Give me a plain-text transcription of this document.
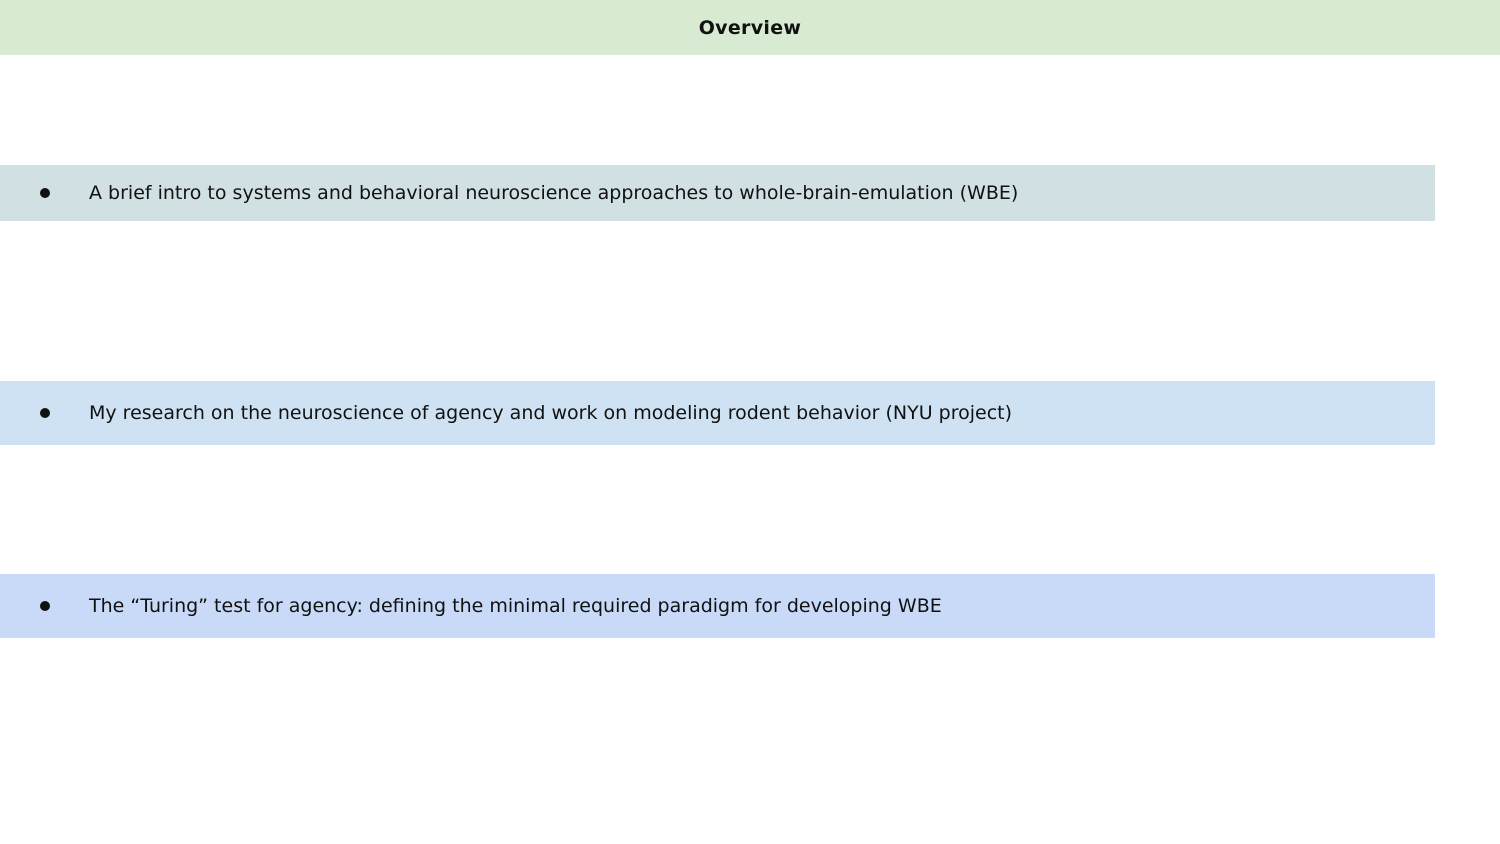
Overview
A brief intro to systems and behavioral neuroscience approaches to whole-brain-emulation (WBE)
My research on the neuroscience of agency and work on modeling rodent behavior (NYU project)
The “Turing” test for agency: defining the minimal required paradigm for developing WBE
